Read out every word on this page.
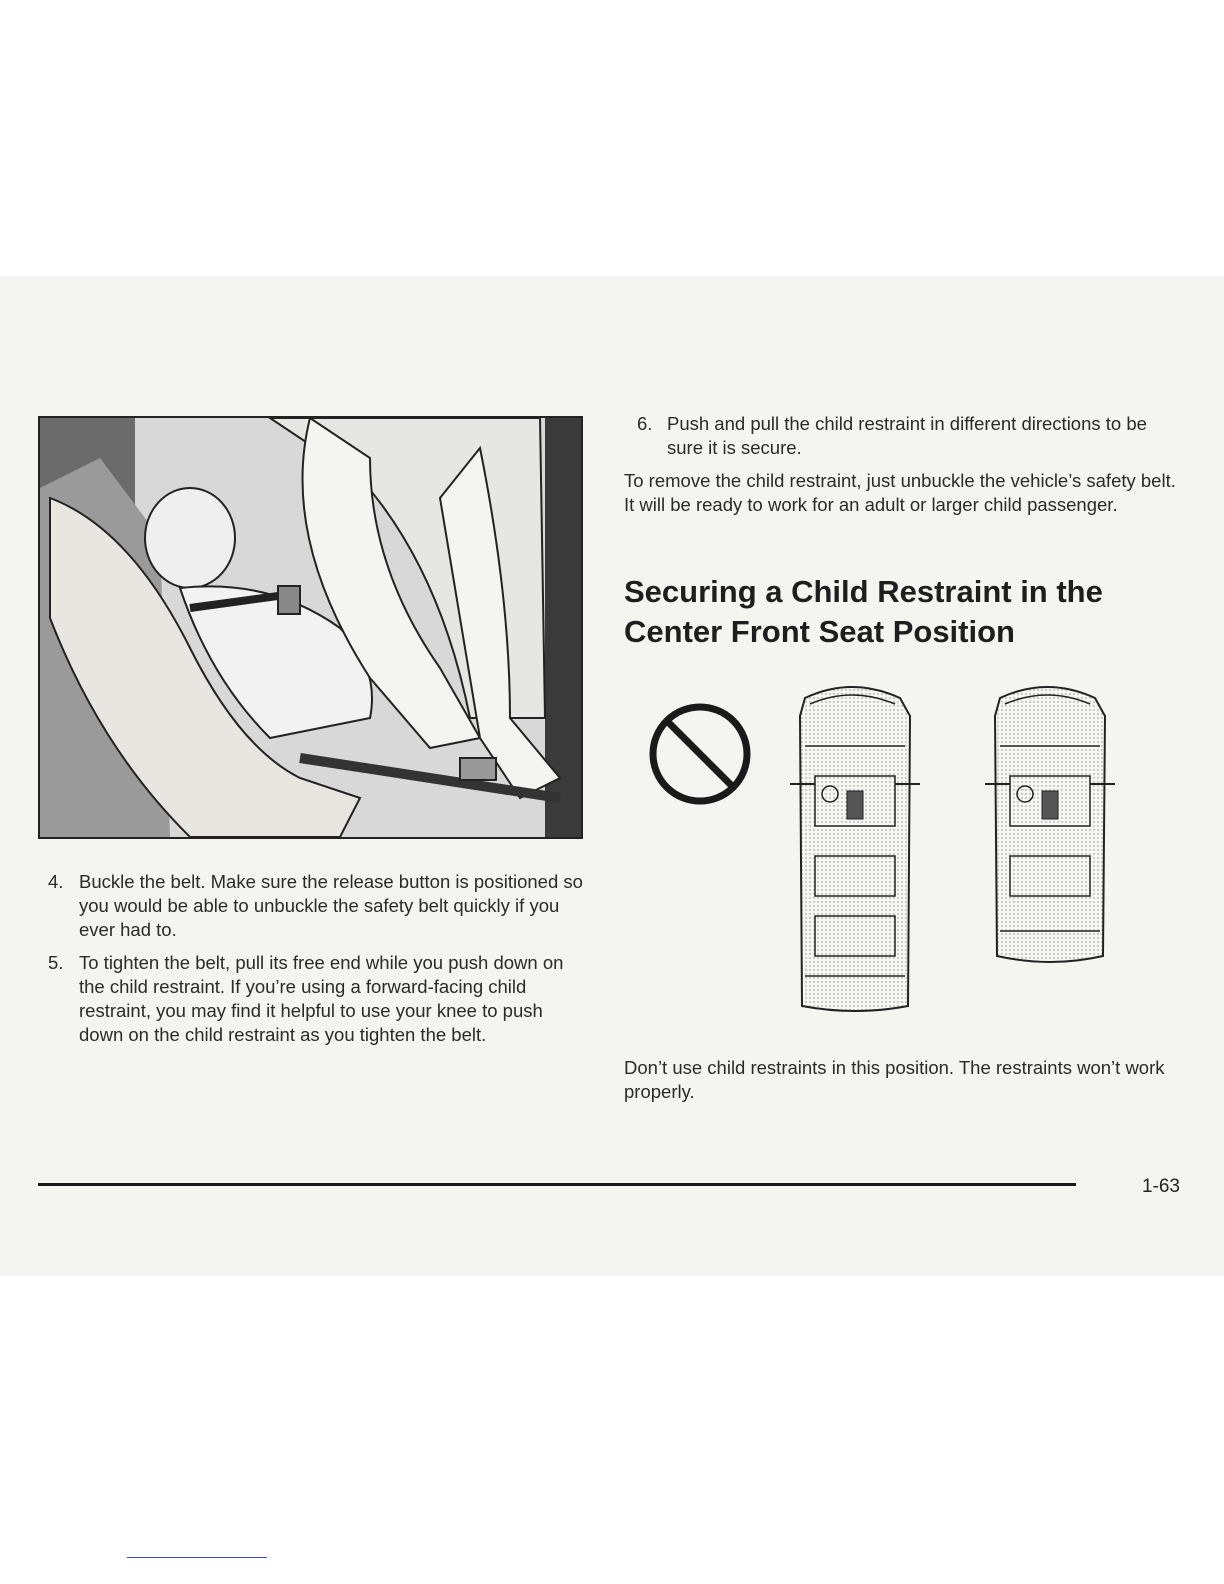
4. Buckle the belt. Make sure the release button is positioned so you would be able to unbuckle the safety belt quickly if you ever had to.
5. To tighten the belt, pull its free end while you push down on the child restraint. If you’re using a forward-facing child restraint, you may find it helpful to use your knee to push down on the child restraint as you tighten the belt.

6. Push and pull the child restraint in different directions to be sure it is secure.

To remove the child restraint, just unbuckle the vehicle’s safety belt. It will be ready to work for an adult or larger child passenger.

Securing a Child Restraint in the Center Front Seat Position

Don’t use child restraints in this position. The restraints won’t work properly.

1-63
